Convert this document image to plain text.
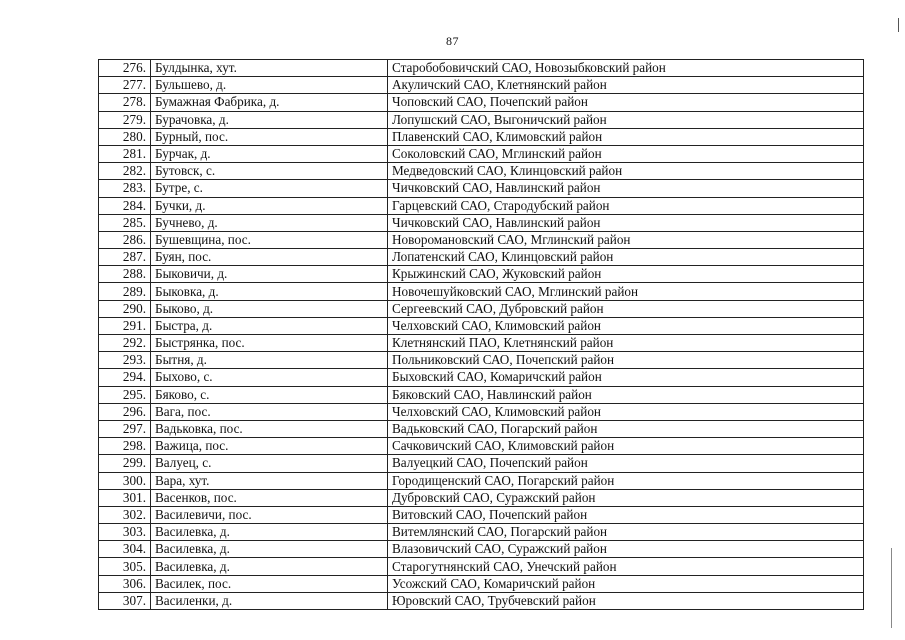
87
276.	Булдынка, хут.	Старобобовичский САО, Новозыбковский район
277.	Бульшево, д.	Акуличский САО, Клетнянский район
278.	Бумажная Фабрика, д.	Чоповский САО, Почепский район
279.	Бурачовка, д.	Лопушский САО, Выгоничский район
280.	Бурный, пос.	Плавенский САО, Климовский район
281.	Бурчак, д.	Соколовский САО, Мглинский район
282.	Бутовск, с.	Медведовский САО, Клинцовский район
283.	Бутре, с.	Чичковский САО, Навлинский район
284.	Бучки, д.	Гарцевский САО, Стародубский район
285.	Бучнево, д.	Чичковский САО, Навлинский район
286.	Бушевщина, пос.	Новоромановский САО, Мглинский район
287.	Буян, пос.	Лопатенский САО, Клинцовский район
288.	Быковичи, д.	Крыжинский САО, Жуковский район
289.	Быковка, д.	Новочешуйковский САО, Мглинский район
290.	Быково, д.	Сергеевский САО, Дубровский район
291.	Быстра, д.	Челховский САО, Климовский район
292.	Быстрянка, пос.	Клетнянский ПАО, Клетнянский район
293.	Бытня, д.	Польниковский САО, Почепский район
294.	Быхово, с.	Быховский САО, Комаричский район
295.	Бяково, с.	Бяковский САО, Навлинский район
296.	Вага, пос.	Челховский САО, Климовский район
297.	Вадьковка, пос.	Вадьковский САО, Погарский район
298.	Важица, пос.	Сачковичский САО, Климовский район
299.	Валуец, с.	Валуецкий САО, Почепский район
300.	Вара, хут.	Городищенский САО, Погарский район
301.	Васенков, пос.	Дубровский САО, Суражский район
302.	Василевичи, пос.	Витовский САО, Почепский район
303.	Василевка, д.	Витемлянский САО, Погарский район
304.	Василевка, д.	Влазовичский САО, Суражский район
305.	Василевка, д.	Старогутнянский САО, Унечский район
306.	Василек, пос.	Усожский САО, Комаричский район
307.	Василенки, д.	Юровский САО, Трубчевский район
